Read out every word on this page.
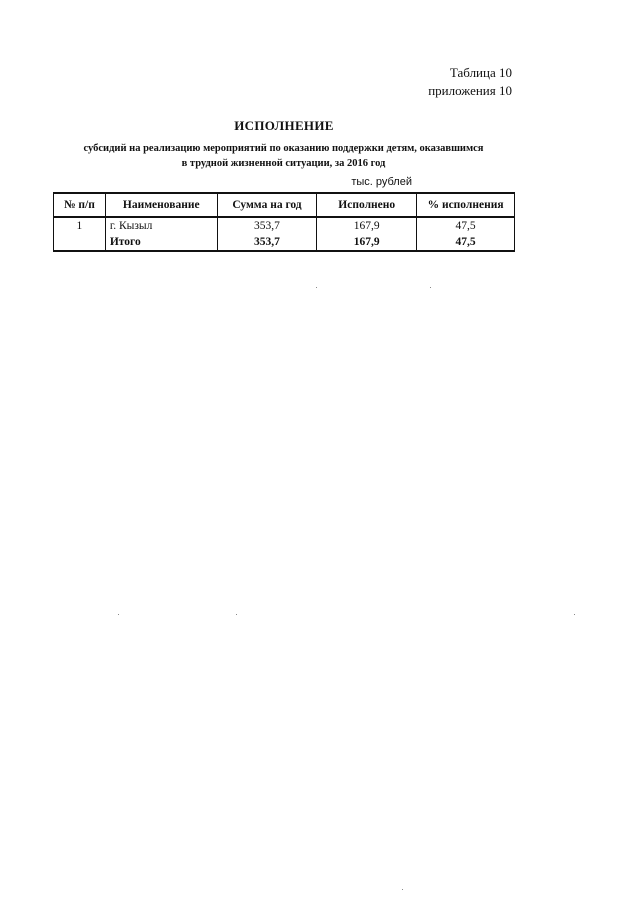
Таблица 10
приложения 10
ИСПОЛНЕНИЕ
субсидий на реализацию мероприятий по оказанию поддержки детям, оказавшимся
в трудной жизненной ситуации, за 2016 год
тыс. рублей
№ п/п	Наименование	Сумма на год	Исполнено	% исполнения
1	г. Кызыл	353,7	167,9	47,5
	Итого	353,7	167,9	47,5
